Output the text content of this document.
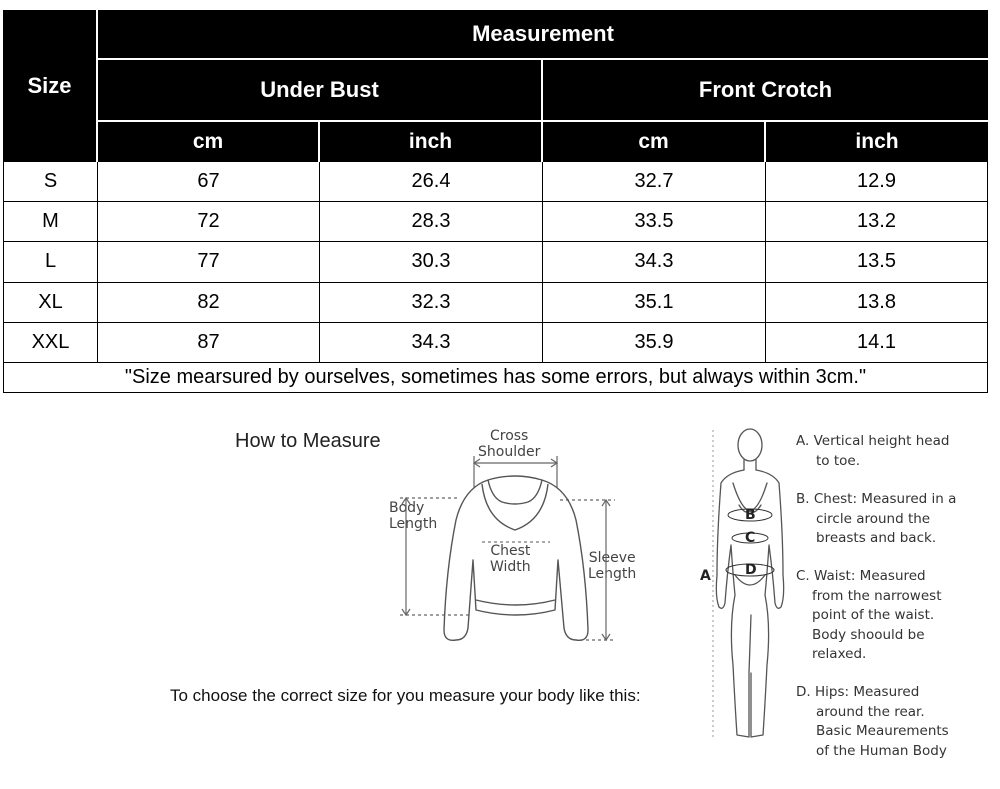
Size
Measurement
Under Bust	Front Crotch
cm	inch	cm	inch
S	67	26.4	32.7	12.9
M	72	28.3	33.5	13.2
L	77	30.3	34.3	13.5
XL	82	32.3	35.1	13.8
XXL	87	34.3	35.9	14.1
"Size mearsured by ourselves, sometimes has some errors, but always within 3cm."
How to Measure	Cross
Shoulder
Body
Length
Chest
Width
Sleeve
Length
To choose the correct size for you measure your body like this:
B
C
A D
A. Vertical height head
to toe.
B. Chest: Measured in a
circle around the
breasts and back.
C. Waist: Measured
from the narrowest
point of the waist.
Body shoould be
relaxed.
D. Hips: Measured
around the rear.
Basic Meaurements
of the Human Body
